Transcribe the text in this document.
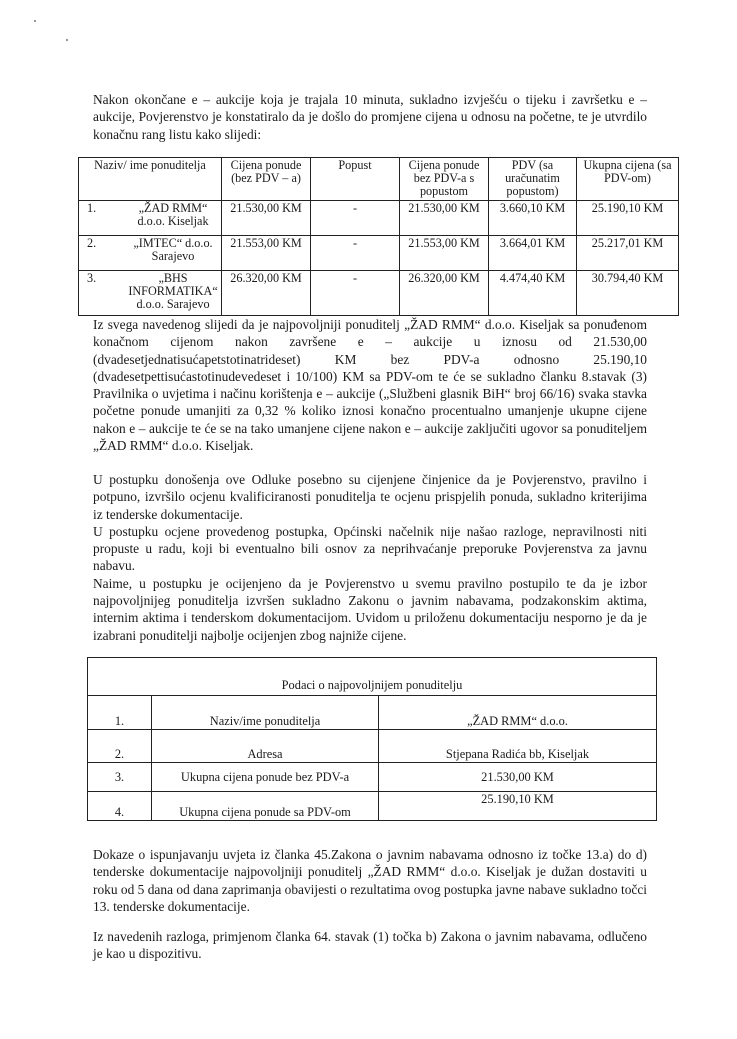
Nakon okončane e – aukcije koja je trajala 10 minuta, sukladno izvješću o tijeku i završetku e – aukcije, Povjerenstvo je konstatiralo da je došlo do promjene cijena u odnosu na početne, te je utvrdilo konačnu rang listu kako slijedi:

Naziv/ ime ponuditelja	Cijena ponude (bez PDV – a)	Popust	Cijena ponude bez PDV-a s popustom	PDV (sa uračunatim popustom)	Ukupna cijena (sa PDV-om)

1. „ŽAD RMM“ d.o.o. Kiseljak	21.530,00 KM	-	21.530,00 KM	3.660,10 KM	25.190,10 KM

2. „IMTEC“ d.o.o. Sarajevo	21.553,00 KM	-	21.553,00 KM	3.664,01 KM	25.217,01 KM

3. „BHS INFORMATIKA“ d.o.o. Sarajevo	26.320,00 KM	-	26.320,00 KM	4.474,40 KM	30.794,40 KM

Iz svega navedenog slijedi da je najpovoljniji ponuditelj „ŽAD RMM“ d.o.o. Kiseljak sa ponuđenom konačnom cijenom nakon završene e – aukcije u iznosu od 21.530,00 (dvadesetjednatisućapetstotinatrideset) KM bez PDV-a odnosno 25.190,10 (dvadesetpettisućastotinudevedeset i 10/100) KM sa PDV-om te će se sukladno članku 8.stavak (3) Pravilnika o uvjetima i načinu korištenja e – aukcije („Službeni glasnik BiH“ broj 66/16) svaka stavka početne ponude umanjiti za 0,32 % koliko iznosi konačno procentualno umanjenje ukupne cijene nakon e – aukcije te će se na tako umanjene cijene nakon e – aukcije zaključiti ugovor sa ponuditeljem „ŽAD RMM“ d.o.o. Kiseljak.

U postupku donošenja ove Odluke posebno su cijenjene činjenice da je Povjerenstvo, pravilno i potpuno, izvršilo ocjenu kvalificiranosti ponuditelja te ocjenu prispjelih ponuda, sukladno kriterijima iz tenderske dokumentacije.

U postupku ocjene provedenog postupka, Općinski načelnik nije našao razloge, nepravilnosti niti propuste u radu, koji bi eventualno bili osnov za neprihvaćanje preporuke Povjerenstva za javnu nabavu.

Naime, u postupku je ocijenjeno da je Povjerenstvo u svemu pravilno postupilo te da je izbor najpovoljnijeg ponuditelja izvršen sukladno Zakonu o javnim nabavama, podzakonskim aktima, internim aktima i tenderskom dokumentacijom. Uvidom u priloženu dokumentaciju nesporno je da je izabrani ponuditelji najbolje ocijenjen zbog najniže cijene.

Podaci o najpovoljnijem ponuditelju		
1.	Naziv/ime ponuditelja	„ŽAD RMM“ d.o.o.
2.	Adresa	Stjepana Radića bb, Kiseljak
3.	Ukupna cijena ponude bez PDV-a	21.530,00 KM
4.	Ukupna cijena ponude sa PDV-om	25.190,10 KM

Dokaze o ispunjavanju uvjeta iz članka 45.Zakona o javnim nabavama odnosno iz točke 13.a) do d) tenderske dokumentacije najpovoljniji ponuditelj „ŽAD RMM“ d.o.o. Kiseljak je dužan dostaviti u roku od 5 dana od dana zaprimanja obavijesti o rezultatima ovog postupka javne nabave sukladno točci 13. tenderske dokumentacije.

Iz navedenih razloga, primjenom članka 64. stavak (1) točka b) Zakona o javnim nabavama, odlučeno je kao u dispozitivu.
